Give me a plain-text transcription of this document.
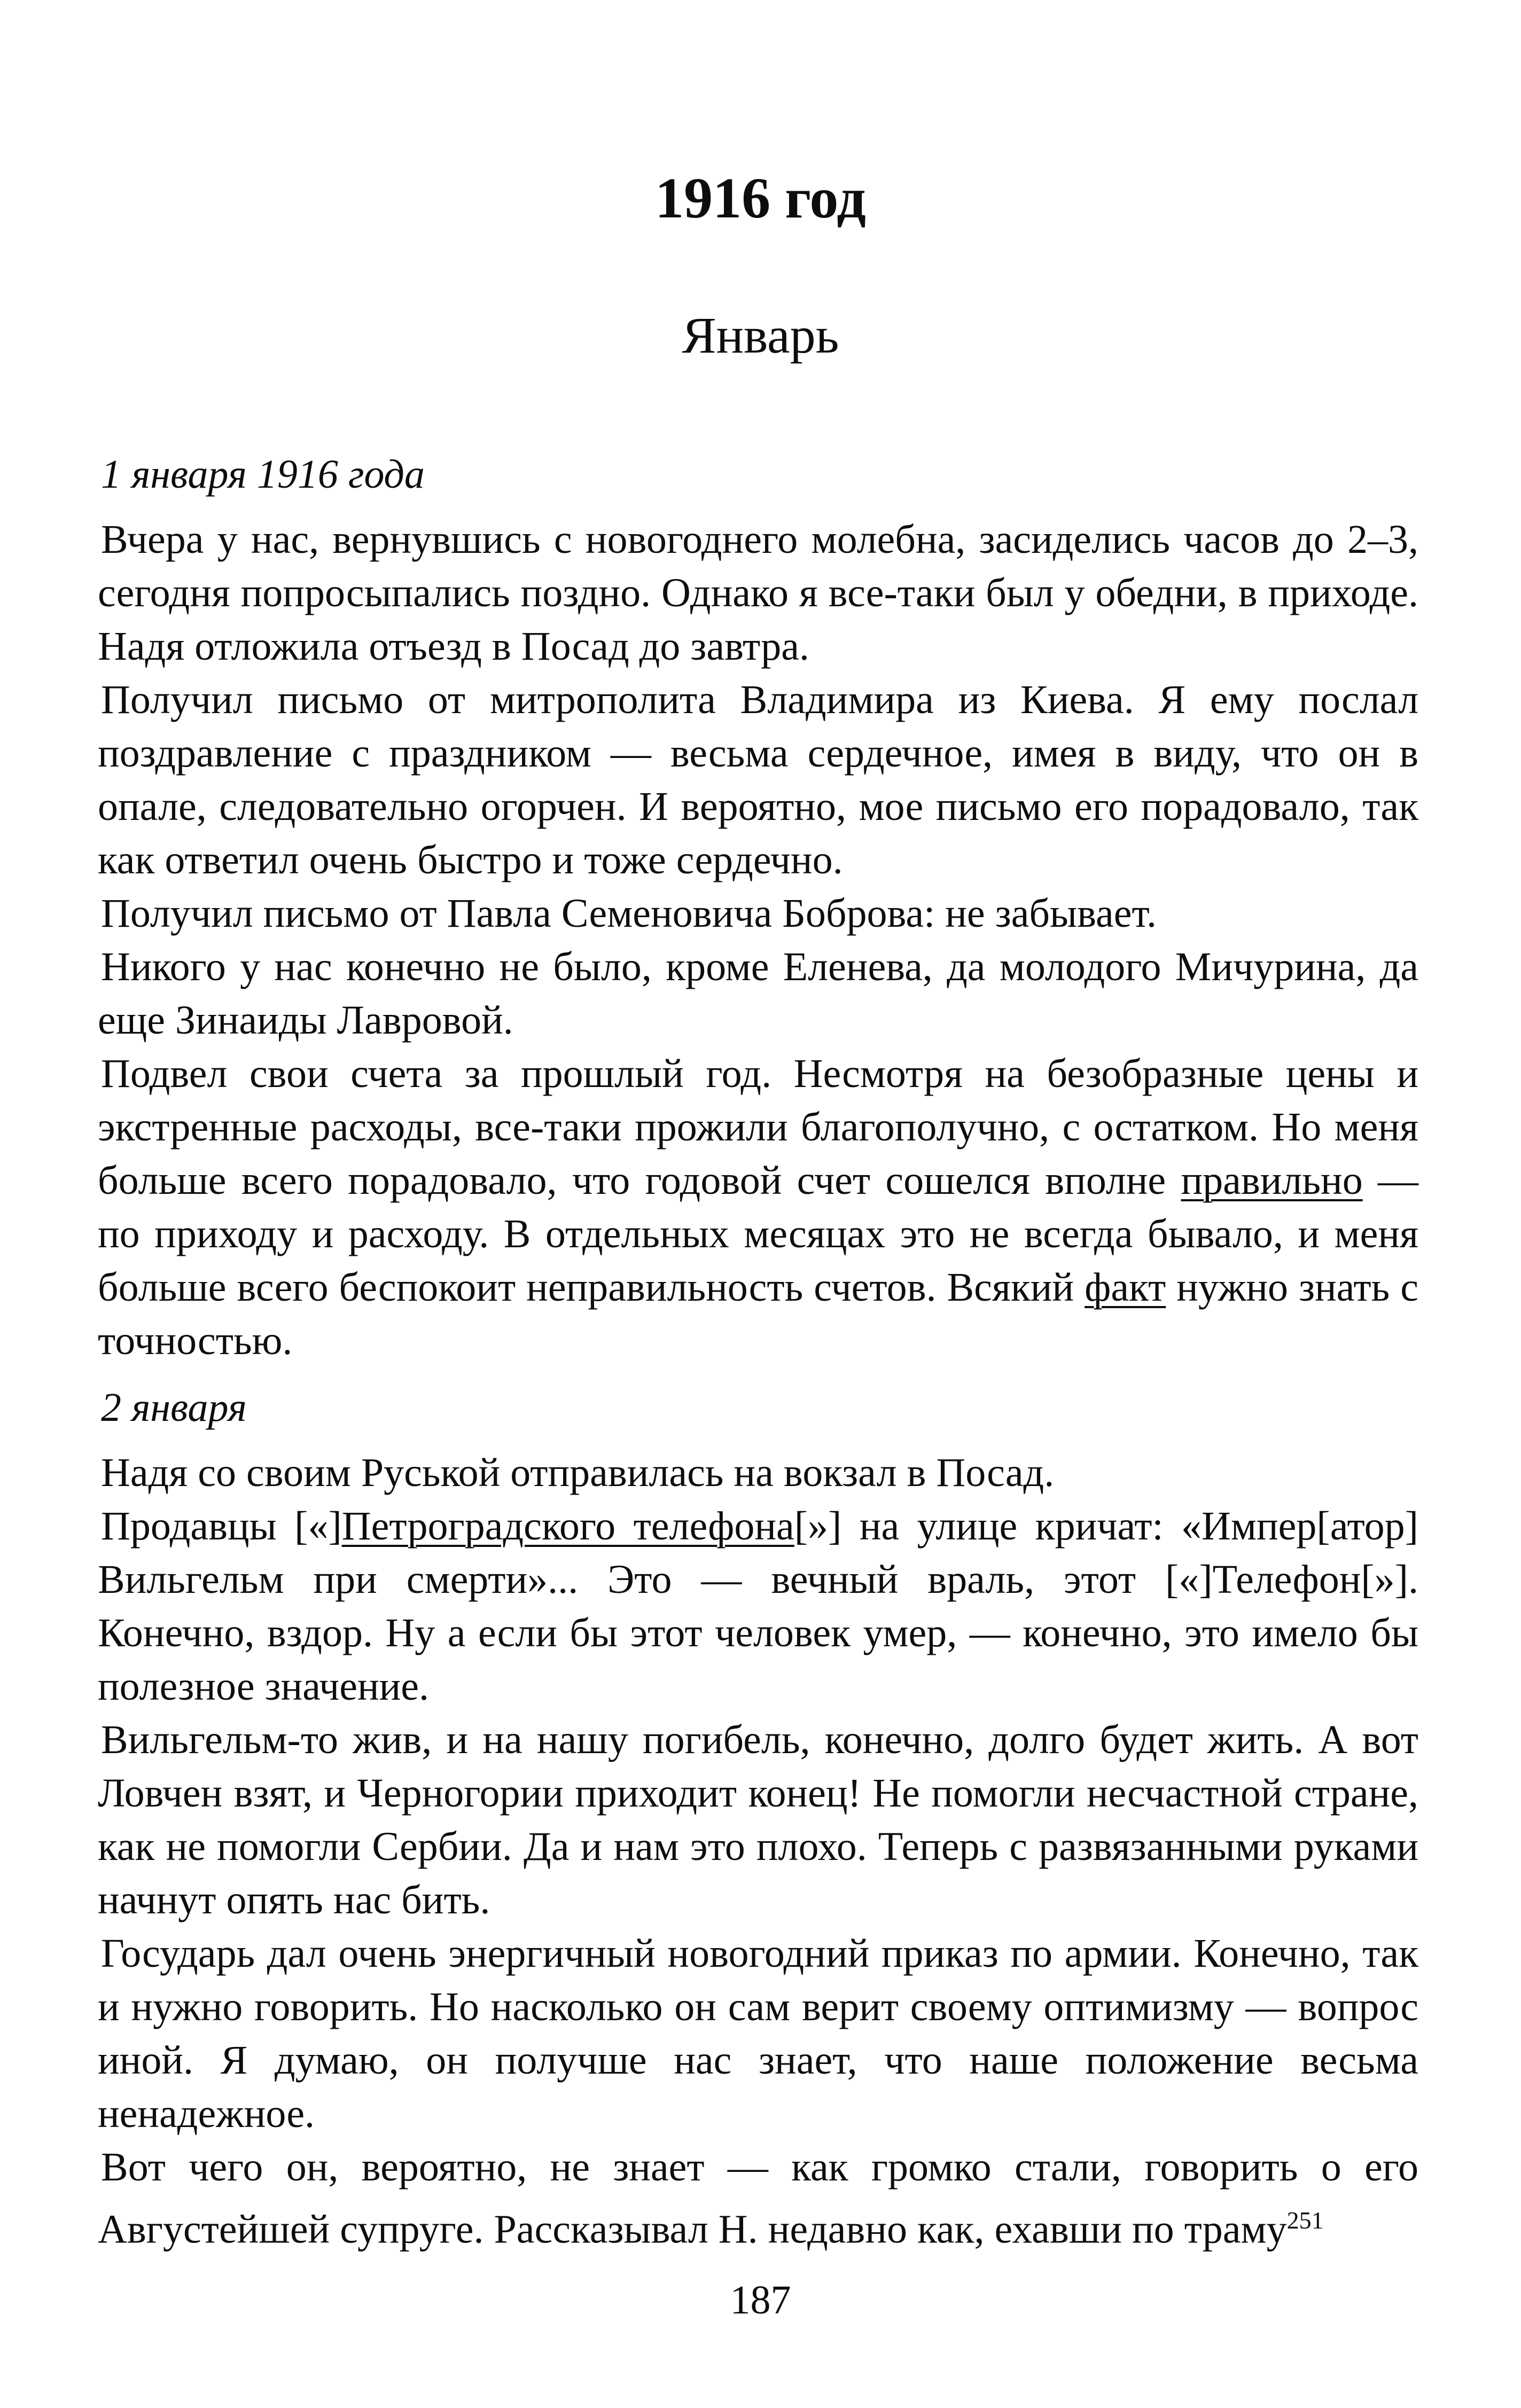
1916 год
Январь

1 января 1916 года

Вчера у нас, вернувшись с новогоднего молебна, засиделись часов до 2–3, сегодня попросыпались поздно. Однако я все-таки был у обедни, в приходе. Надя отложила отъезд в Посад до завтра.

Получил письмо от митрополита Владимира из Киева. Я ему послал поздравление с праздником — весьма сердечное, имея в виду, что он в опале, следовательно огорчен. И вероятно, мое письмо его порадовало, так как ответил очень быстро и тоже сердечно.

Получил письмо от Павла Семеновича Боброва: не забывает.

Никого у нас конечно не было, кроме Еленева, да молодого Мичурина, да еще Зинаиды Лавровой.

Подвел свои счета за прошлый год. Несмотря на безобразные цены и экстренные расходы, все-таки прожили благополучно, с остатком. Но меня больше всего порадовало, что годовой счет сошелся вполне правильно — по приходу и расходу. В отдельных месяцах это не всегда бывало, и меня больше всего беспокоит неправильность счетов. Всякий факт нужно знать с точностью.

2 января

Надя со своим Руськой отправилась на вокзал в Посад.

Продавцы [«]Петроградского телефона[»] на улице кричат: «Импер[атор] Вильгельм при смерти»... Это — вечный враль, этот [«]Телефон[»]. Конечно, вздор. Ну а если бы этот человек умер, — конечно, это имело бы полезное значение.

Вильгельм-то жив, и на нашу погибель, конечно, долго будет жить. А вот Ловчен взят, и Черногории приходит конец! Не помогли несчастной стране, как не помогли Сербии. Да и нам это плохо. Теперь с развязанными руками начнут опять нас бить.

Государь дал очень энергичный новогодний приказ по армии. Конечно, так и нужно говорить. Но насколько он сам верит своему оптимизму — вопрос иной. Я думаю, он получше нас знает, что наше положение весьма ненадежное.

Вот чего он, вероятно, не знает — как громко стали, говорить о его Августейшей супруге. Рассказывал Н. недавно как, ехавши по траму$^{251}$

187
